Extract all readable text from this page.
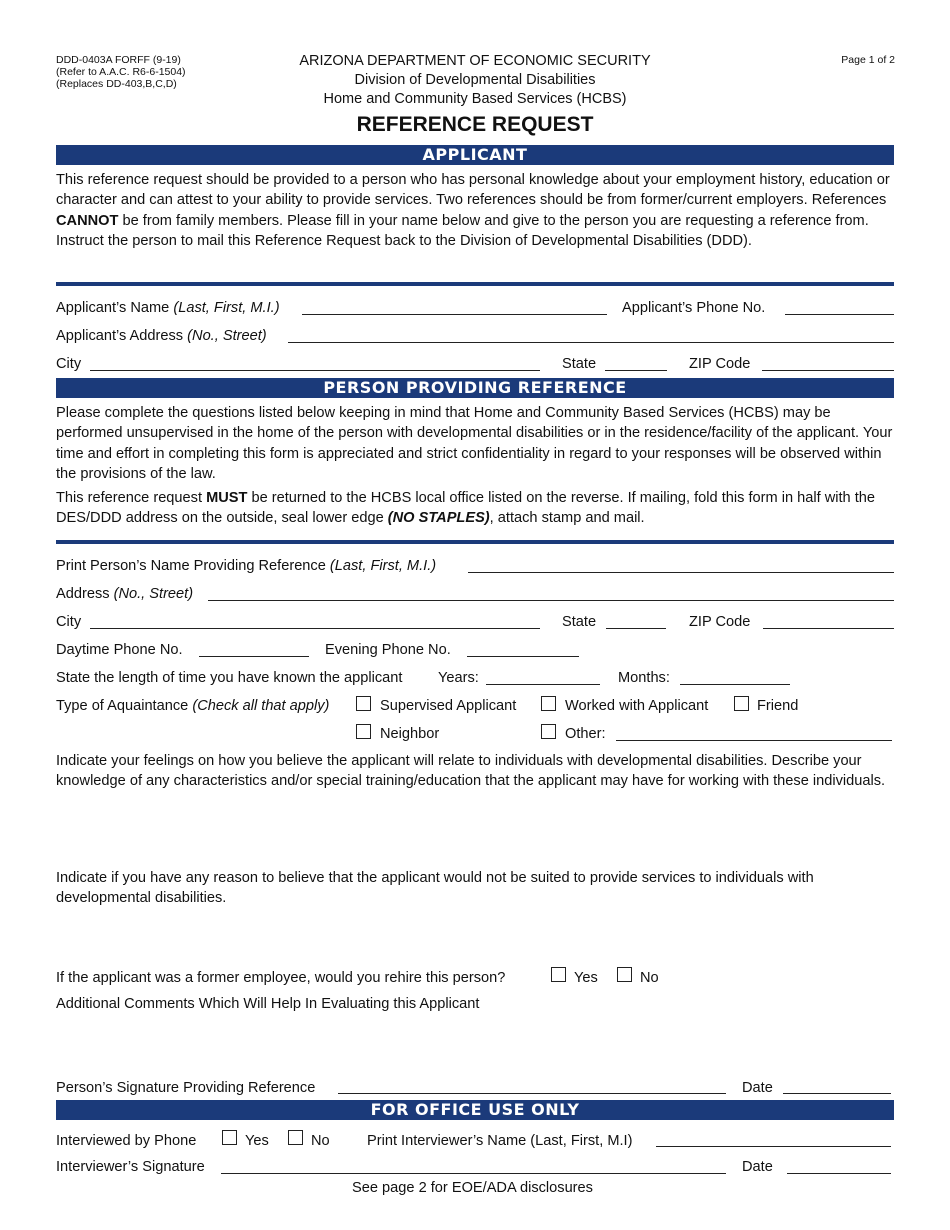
DDD-0403A FORFF (9-19)
(Refer to A.A.C. R6-6-1504)
(Replaces DD-403,B,C,D)
Page 1 of 2
ARIZONA DEPARTMENT OF ECONOMIC SECURITY
Division of Developmental Disabilities
Home and Community Based Services (HCBS)
REFERENCE REQUEST
APPLICANT
This reference request should be provided to a person who has personal knowledge about your employment history, education or character and can attest to your ability to provide services. Two references should be from former/current employers. References CANNOT be from family members. Please fill in your name below and give to the person you are requesting a reference from. Instruct the person to mail this Reference Request back to the Division of Developmental Disabilities (DDD).
Applicant’s Name (Last, First, M.I.)	Applicant’s Phone No.
Applicant’s Address (No., Street)
City	State	ZIP Code
PERSON PROVIDING REFERENCE
Please complete the questions listed below keeping in mind that Home and Community Based Services (HCBS) may be performed unsupervised in the home of the person with developmental disabilities or in the residence/facility of the applicant. Your time and effort in completing this form is appreciated and strict confidentiality in regard to your responses will be observed within the provisions of the law.
This reference request MUST be returned to the HCBS local office listed on the reverse. If mailing, fold this form in half with the DES/DDD address on the outside, seal lower edge (NO STAPLES), attach stamp and mail.
Print Person’s Name Providing Reference (Last, First, M.I.)
Address (No., Street)
City	State	ZIP Code
Daytime Phone No.	Evening Phone No.
State the length of time you have known the applicant Years:	Months:
Type of Aquaintance (Check all that apply)	Supervised Applicant	Worked with Applicant	Friend
Neighbor	Other:
Indicate your feelings on how you believe the applicant will relate to individuals with developmental disabilities. Describe your knowledge of any characteristics and/or special training/education that the applicant may have for working with these individuals.
Indicate if you have any reason to believe that the applicant would not be suited to provide services to individuals with developmental disabilities.
If the applicant was a former employee, would you rehire this person?	Yes	No
Additional Comments Which Will Help In Evaluating this Applicant
Person’s Signature Providing Reference	Date
FOR OFFICE USE ONLY
Interviewed by Phone	Yes	No	Print Interviewer’s Name (Last, First, M.I)
Interviewer’s Signature	Date
See page 2 for EOE/ADA disclosures
